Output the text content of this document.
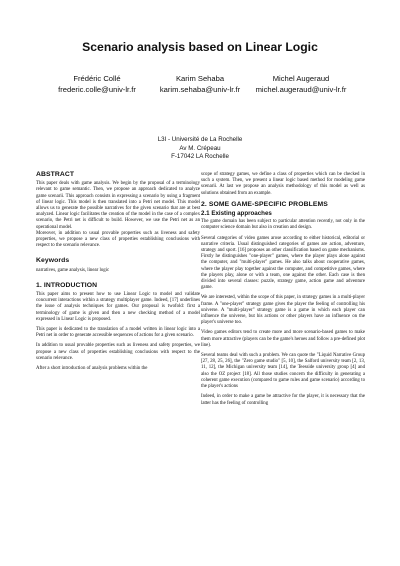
Scenario analysis based on Linear Logic
Frédéric Collé
frederic.colle@univ-lr.fr
Karim Sehaba
karim.sehaba@univ-lr.fr
Michel Augeraud
michel.augeraud@univ-lr.fr
L3I - Université de La Rochelle
Av M. Crépeau
F-17042 LA Rochelle
ABSTRACT

This paper deals with game analysis. We begin by the proposal of a terminology relevant to game semantic. Then, we propose an approach dedicated to analyze game scenarii. This approach consists in expressing a scenario by using a fragment of linear logic. This model is then translated into a Petri net model. This model allows us to generate the possible narratives for the given scenario that are at best analyzed. Linear logic facilitates the creation of the model in the case of a complex scenario, the Petri net is difficult to build. However, we use the Petri net as an operational model.

Moreover, in addition to usual provable properties such as liveness and safety properties, we propose a new class of properties establishing conclusions with respect to the scenario relevance.

Keywords

narratives, game analysis, linear logic

1. INTRODUCTION

This paper aims to present how to use Linear Logic to model and validate concurrent interactions within a strategy multiplayer game. Indeed, [17] underlines the issue of analysis techniques for games. Our proposal is twofold: first a terminology of game is given and then a new checking method of a model expressed in Linear Logic is proposed.

This paper is dedicated to the translation of a model written in linear logic into a Petri net in order to generate accessible sequences of actions for a given scenario.

In addition to usual provable properties such as liveness and safety properties, we propose a new class of properties establishing conclusions with respect to the scenario relevance.

After a short introduction of analysis problems within the

scope of strategy games, we define a class of properties which can be checked in such a system. Then, we present a linear logic based method for modeling game scenarii. At last we propose an analysis methodology of this model as well as solutions obtained from an example.

2. SOME GAME-SPECIFIC PROBLEMS
2.1 Existing approaches

The game domain has been subject to particular attention recently, not only in the computer science domain but also in creation and design.

Several categories of video games arose according to either historical, editorial or narrative criteria. Usual distinguished categories of games are action, adventure, strategy and sport. [16] proposes an other classification based on game mechanisms. Firstly he distinguishes "one-player" games, where the player plays alone against the computer, and "multi-player" games. He also talks about cooperative games, where the player play together against the computer, and competitive games, where the players play, alone or with a team, one against the other. Each case is then divided into several classes: puzzle, strategy game, action game and adventure game.

We are interested, within the scope of this paper, in strategy games in a multi-player frame. A "one-player" strategy game gives the player the feeling of controlling his universe. A "multi-player" strategy game is a game in which each player can influence the universe, but his actions or other players have an influence on the player's universe too.

Video games editors tend to create more and more scenario-based games to make them more attractive (players can be the game's heroes and follow a pre-defined plot line).

Several teams deal with such a problem. We can quote the "Liquid Narrative Group [27, 28, 25, 26], the "Zero game studio" [5, 10], the Salford university team [2, 13, 11, 12], the Michigan university team [14], the Teesside university group [4] and also the OZ project [18]. All those studies concern the difficulty in generating a coherent game execution (compared to game rules and game scenario) according to the player's actions

Indeed, in order to make a game be attractive for the player, it is necessary that the latter has the feeling of controlling
